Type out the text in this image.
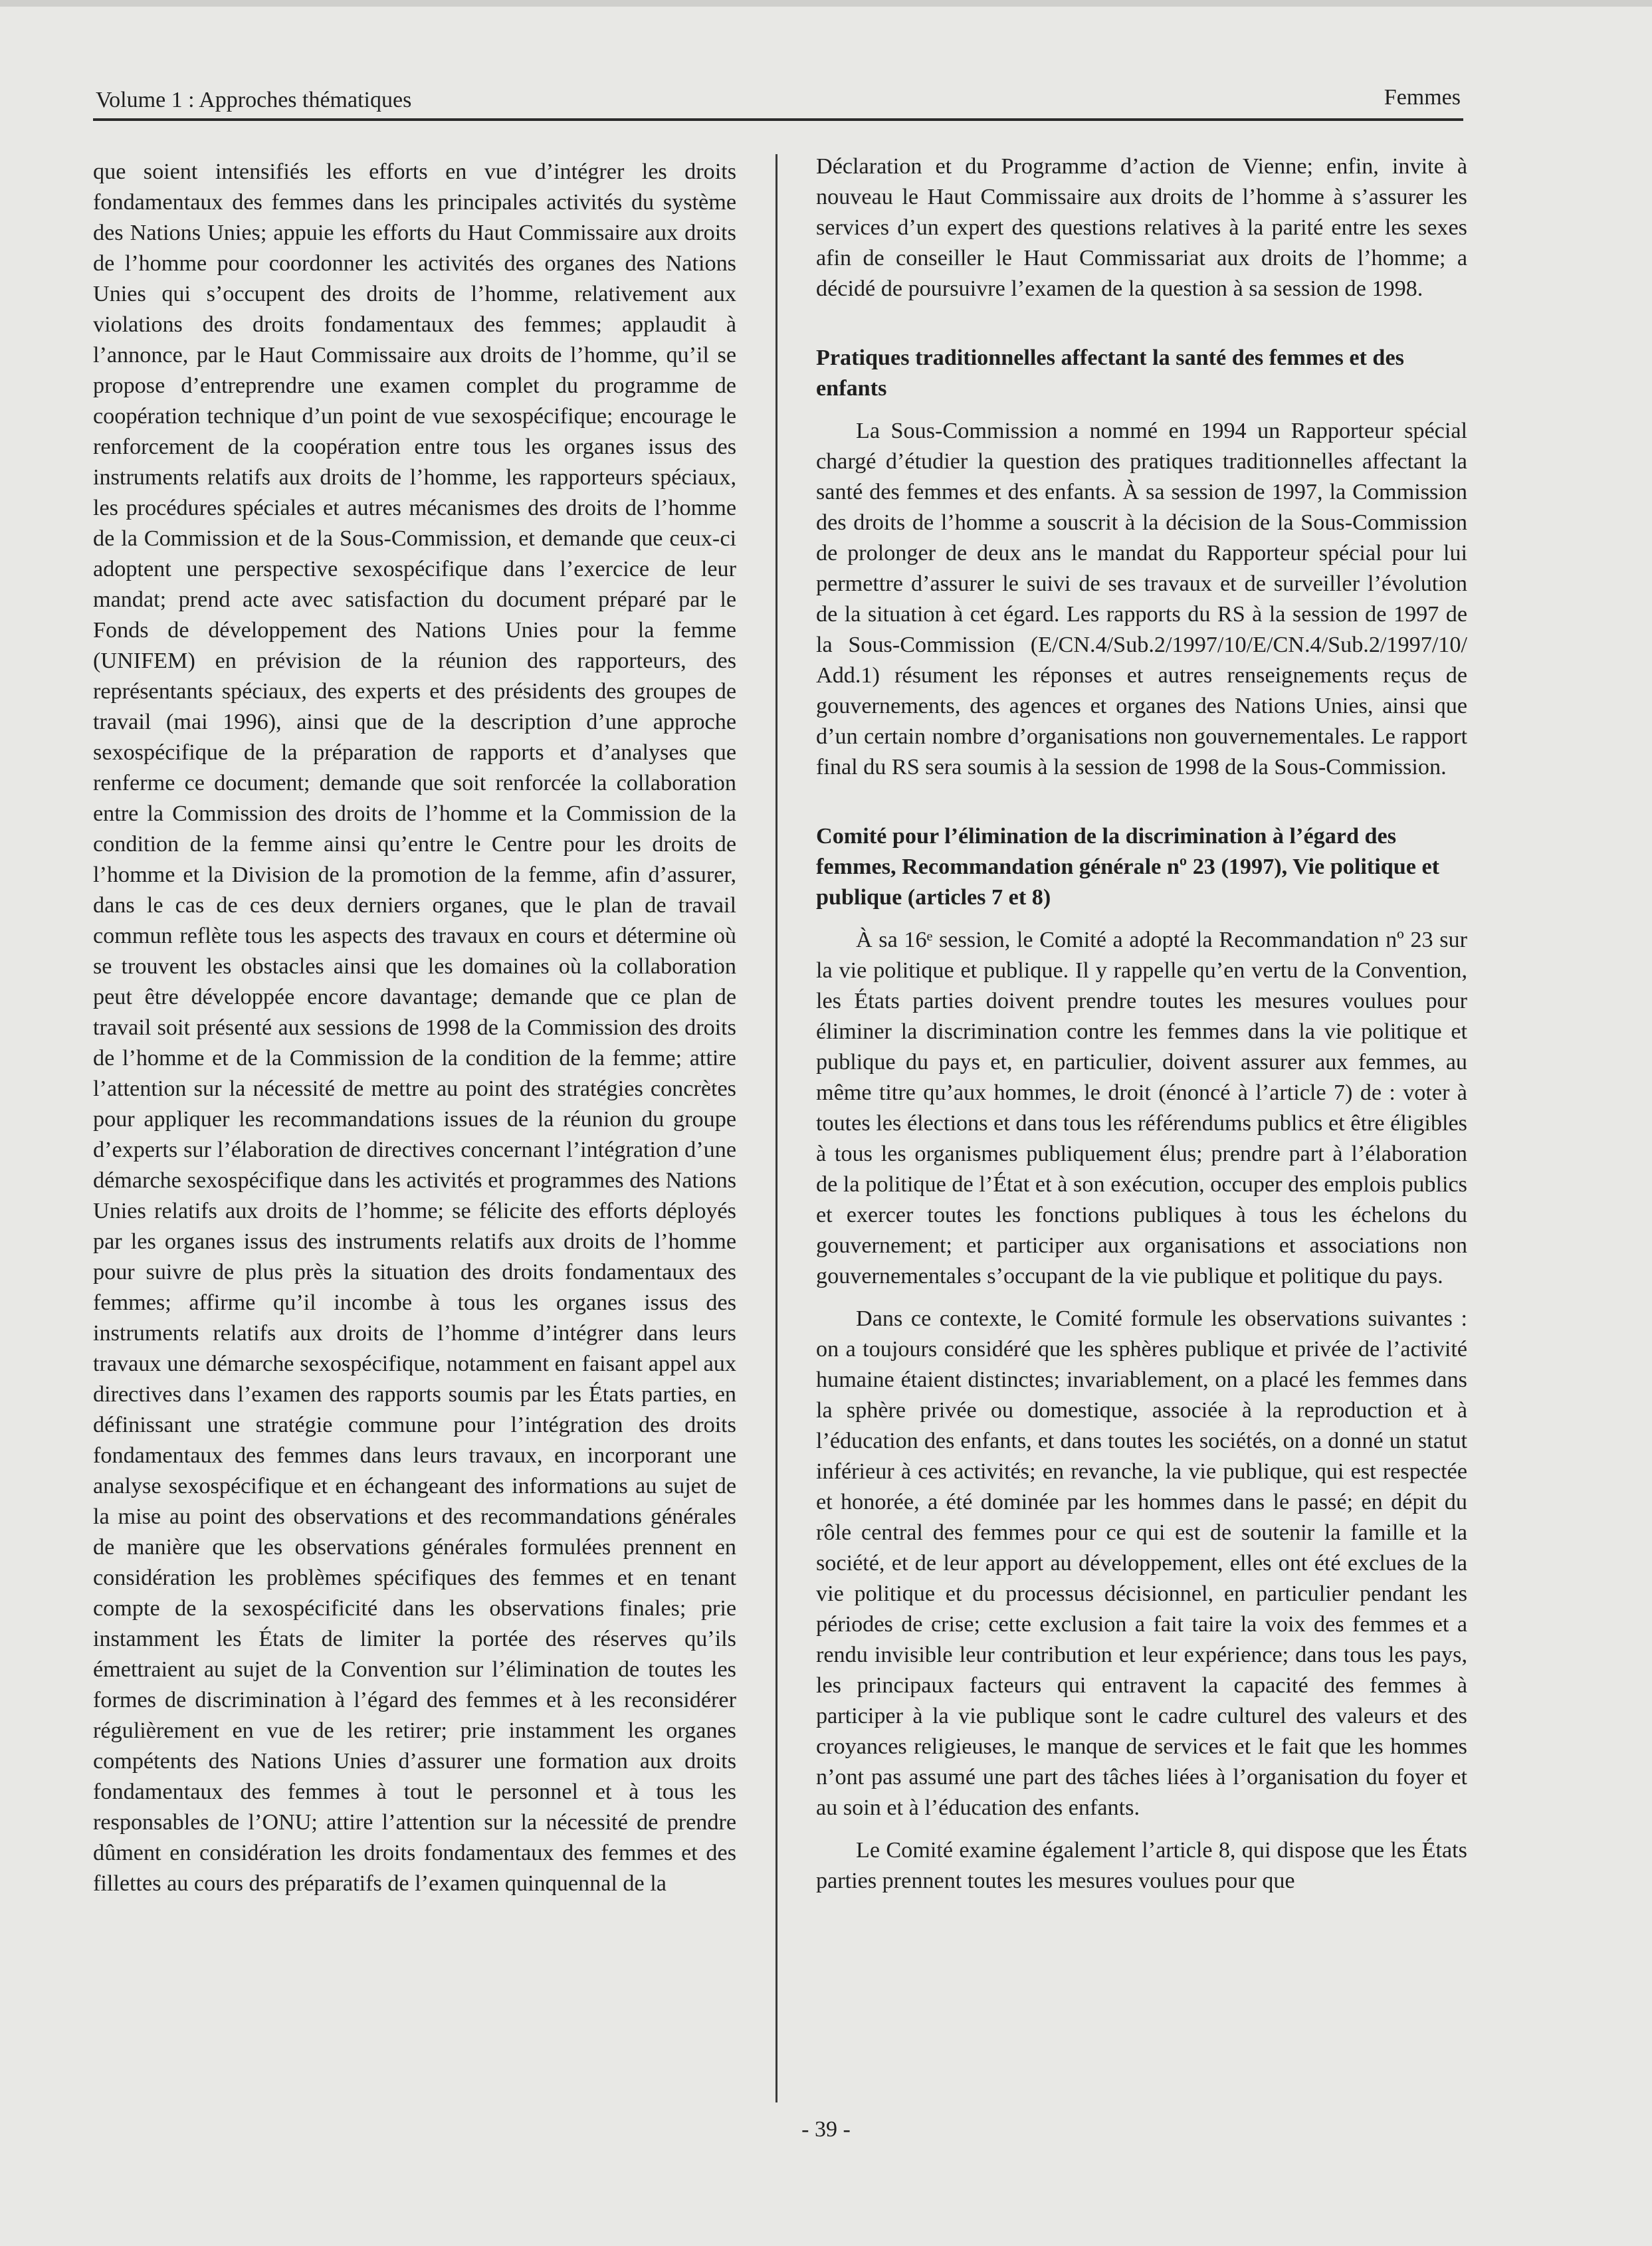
Volume 1 : Approches thématiques	Femmes

que soient intensifiés les efforts en vue d’intégrer les droits fondamentaux des femmes dans les principales activités du système des Nations Unies; appuie les efforts du Haut Commissaire aux droits de l’homme pour coordonner les activités des organes des Nations Unies qui s’occupent des droits de l’homme, relativement aux violations des droits fondamentaux des femmes; applaudit à l’annonce, par le Haut Commissaire aux droits de l’homme, qu’il se propose d’entreprendre une examen complet du programme de coopération technique d’un point de vue sexospécifique; encourage le renforcement de la coopération entre tous les organes issus des instruments relatifs aux droits de l’homme, les rapporteurs spéciaux, les procédures spéciales et autres mécanismes des droits de l’homme de la Commission et de la Sous-Commission, et demande que ceux-ci adoptent une perspective sexospécifique dans l’exercice de leur mandat; prend acte avec satisfaction du document préparé par le Fonds de développement des Nations Unies pour la femme (UNIFEM) en prévision de la réunion des rapporteurs, des représentants spéciaux, des experts et des présidents des groupes de travail (mai 1996), ainsi que de la description d’une approche sexospécifique de la préparation de rapports et d’analyses que renferme ce document; demande que soit renforcée la collaboration entre la Commission des droits de l’homme et la Commission de la condition de la femme ainsi qu’entre le Centre pour les droits de l’homme et la Division de la promotion de la femme, afin d’assurer, dans le cas de ces deux derniers organes, que le plan de travail commun reflète tous les aspects des travaux en cours et détermine où se trouvent les obstacles ainsi que les domaines où la collaboration peut être développée encore davantage; demande que ce plan de travail soit présenté aux sessions de 1998 de la Commission des droits de l’homme et de la Commission de la condition de la femme; attire l’attention sur la nécessité de mettre au point des stratégies concrètes pour appliquer les recommandations issues de la réunion du groupe d’experts sur l’élaboration de directives concernant l’intégration d’une démarche sexospécifique dans les activités et programmes des Nations Unies relatifs aux droits de l’homme; se félicite des efforts déployés par les organes issus des instruments relatifs aux droits de l’homme pour suivre de plus près la situation des droits fondamentaux des femmes; affirme qu’il incombe à tous les organes issus des instruments relatifs aux droits de l’homme d’intégrer dans leurs travaux une démarche sexospécifique, notamment en faisant appel aux directives dans l’examen des rapports soumis par les États parties, en définissant une stratégie commune pour l’intégration des droits fondamentaux des femmes dans leurs travaux, en incorporant une analyse sexospécifique et en échangeant des informations au sujet de la mise au point des observations et des recommandations générales de manière que les observations générales formulées prennent en considération les problèmes spécifiques des femmes et en tenant compte de la sexospécificité dans les observations finales; prie instamment les États de limiter la portée des réserves qu’ils émettraient au sujet de la Convention sur l’élimination de toutes les formes de discrimination à l’égard des femmes et à les reconsidérer régulièrement en vue de les retirer; prie instamment les organes compétents des Nations Unies d’assurer une formation aux droits fondamentaux des femmes à tout le personnel et à tous les responsables de l’ONU; attire l’attention sur la nécessité de prendre dûment en considération les droits fondamentaux des femmes et des fillettes au cours des préparatifs de l’examen quinquennal de la

Déclaration et du Programme d’action de Vienne; enfin, invite à nouveau le Haut Commissaire aux droits de l’homme à s’assurer les services d’un expert des questions relatives à la parité entre les sexes afin de conseiller le Haut Commissariat aux droits de l’homme; a décidé de poursuivre l’examen de la question à sa session de 1998.

Pratiques traditionnelles affectant la santé des femmes et des enfants

La Sous-Commission a nommé en 1994 un Rapporteur spécial chargé d’étudier la question des pratiques traditionnelles affectant la santé des femmes et des enfants. À sa session de 1997, la Commission des droits de l’homme a souscrit à la décision de la Sous-Commission de prolonger de deux ans le mandat du Rapporteur spécial pour lui permettre d’assurer le suivi de ses travaux et de surveiller l’évolution de la situation à cet égard. Les rapports du RS à la session de 1997 de la Sous-Commission (E/CN.4/Sub.2/1997/10/E/CN.4/Sub.2/1997/10/ Add.1) résument les réponses et autres renseignements reçus de gouvernements, des agences et organes des Nations Unies, ainsi que d’un certain nombre d’organisations non gouvernementales. Le rapport final du RS sera soumis à la session de 1998 de la Sous-Commission.

Comité pour l’élimination de la discrimination à l’égard des femmes, Recommandation générale nº 23 (1997), Vie politique et publique (articles 7 et 8)

À sa 16ᵉ session, le Comité a adopté la Recommandation nº 23 sur la vie politique et publique. Il y rappelle qu’en vertu de la Convention, les États parties doivent prendre toutes les mesures voulues pour éliminer la discrimination contre les femmes dans la vie politique et publique du pays et, en particulier, doivent assurer aux femmes, au même titre qu’aux hommes, le droit (énoncé à l’article 7) de : voter à toutes les élections et dans tous les référendums publics et être éligibles à tous les organismes publiquement élus; prendre part à l’élaboration de la politique de l’État et à son exécution, occuper des emplois publics et exercer toutes les fonctions publiques à tous les échelons du gouvernement; et participer aux organisations et associations non gouvernementales s’occupant de la vie publique et politique du pays.

Dans ce contexte, le Comité formule les observations suivantes : on a toujours considéré que les sphères publique et privée de l’activité humaine étaient distinctes; invariablement, on a placé les femmes dans la sphère privée ou domestique, associée à la reproduction et à l’éducation des enfants, et dans toutes les sociétés, on a donné un statut inférieur à ces activités; en revanche, la vie publique, qui est respectée et honorée, a été dominée par les hommes dans le passé; en dépit du rôle central des femmes pour ce qui est de soutenir la famille et la société, et de leur apport au développement, elles ont été exclues de la vie politique et du processus décisionnel, en particulier pendant les périodes de crise; cette exclusion a fait taire la voix des femmes et a rendu invisible leur contribution et leur expérience; dans tous les pays, les principaux facteurs qui entravent la capacité des femmes à participer à la vie publique sont le cadre culturel des valeurs et des croyances religieuses, le manque de services et le fait que les hommes n’ont pas assumé une part des tâches liées à l’organisation du foyer et au soin et à l’éducation des enfants.

Le Comité examine également l’article 8, qui dispose que les États parties prennent toutes les mesures voulues pour que

- 39 -
